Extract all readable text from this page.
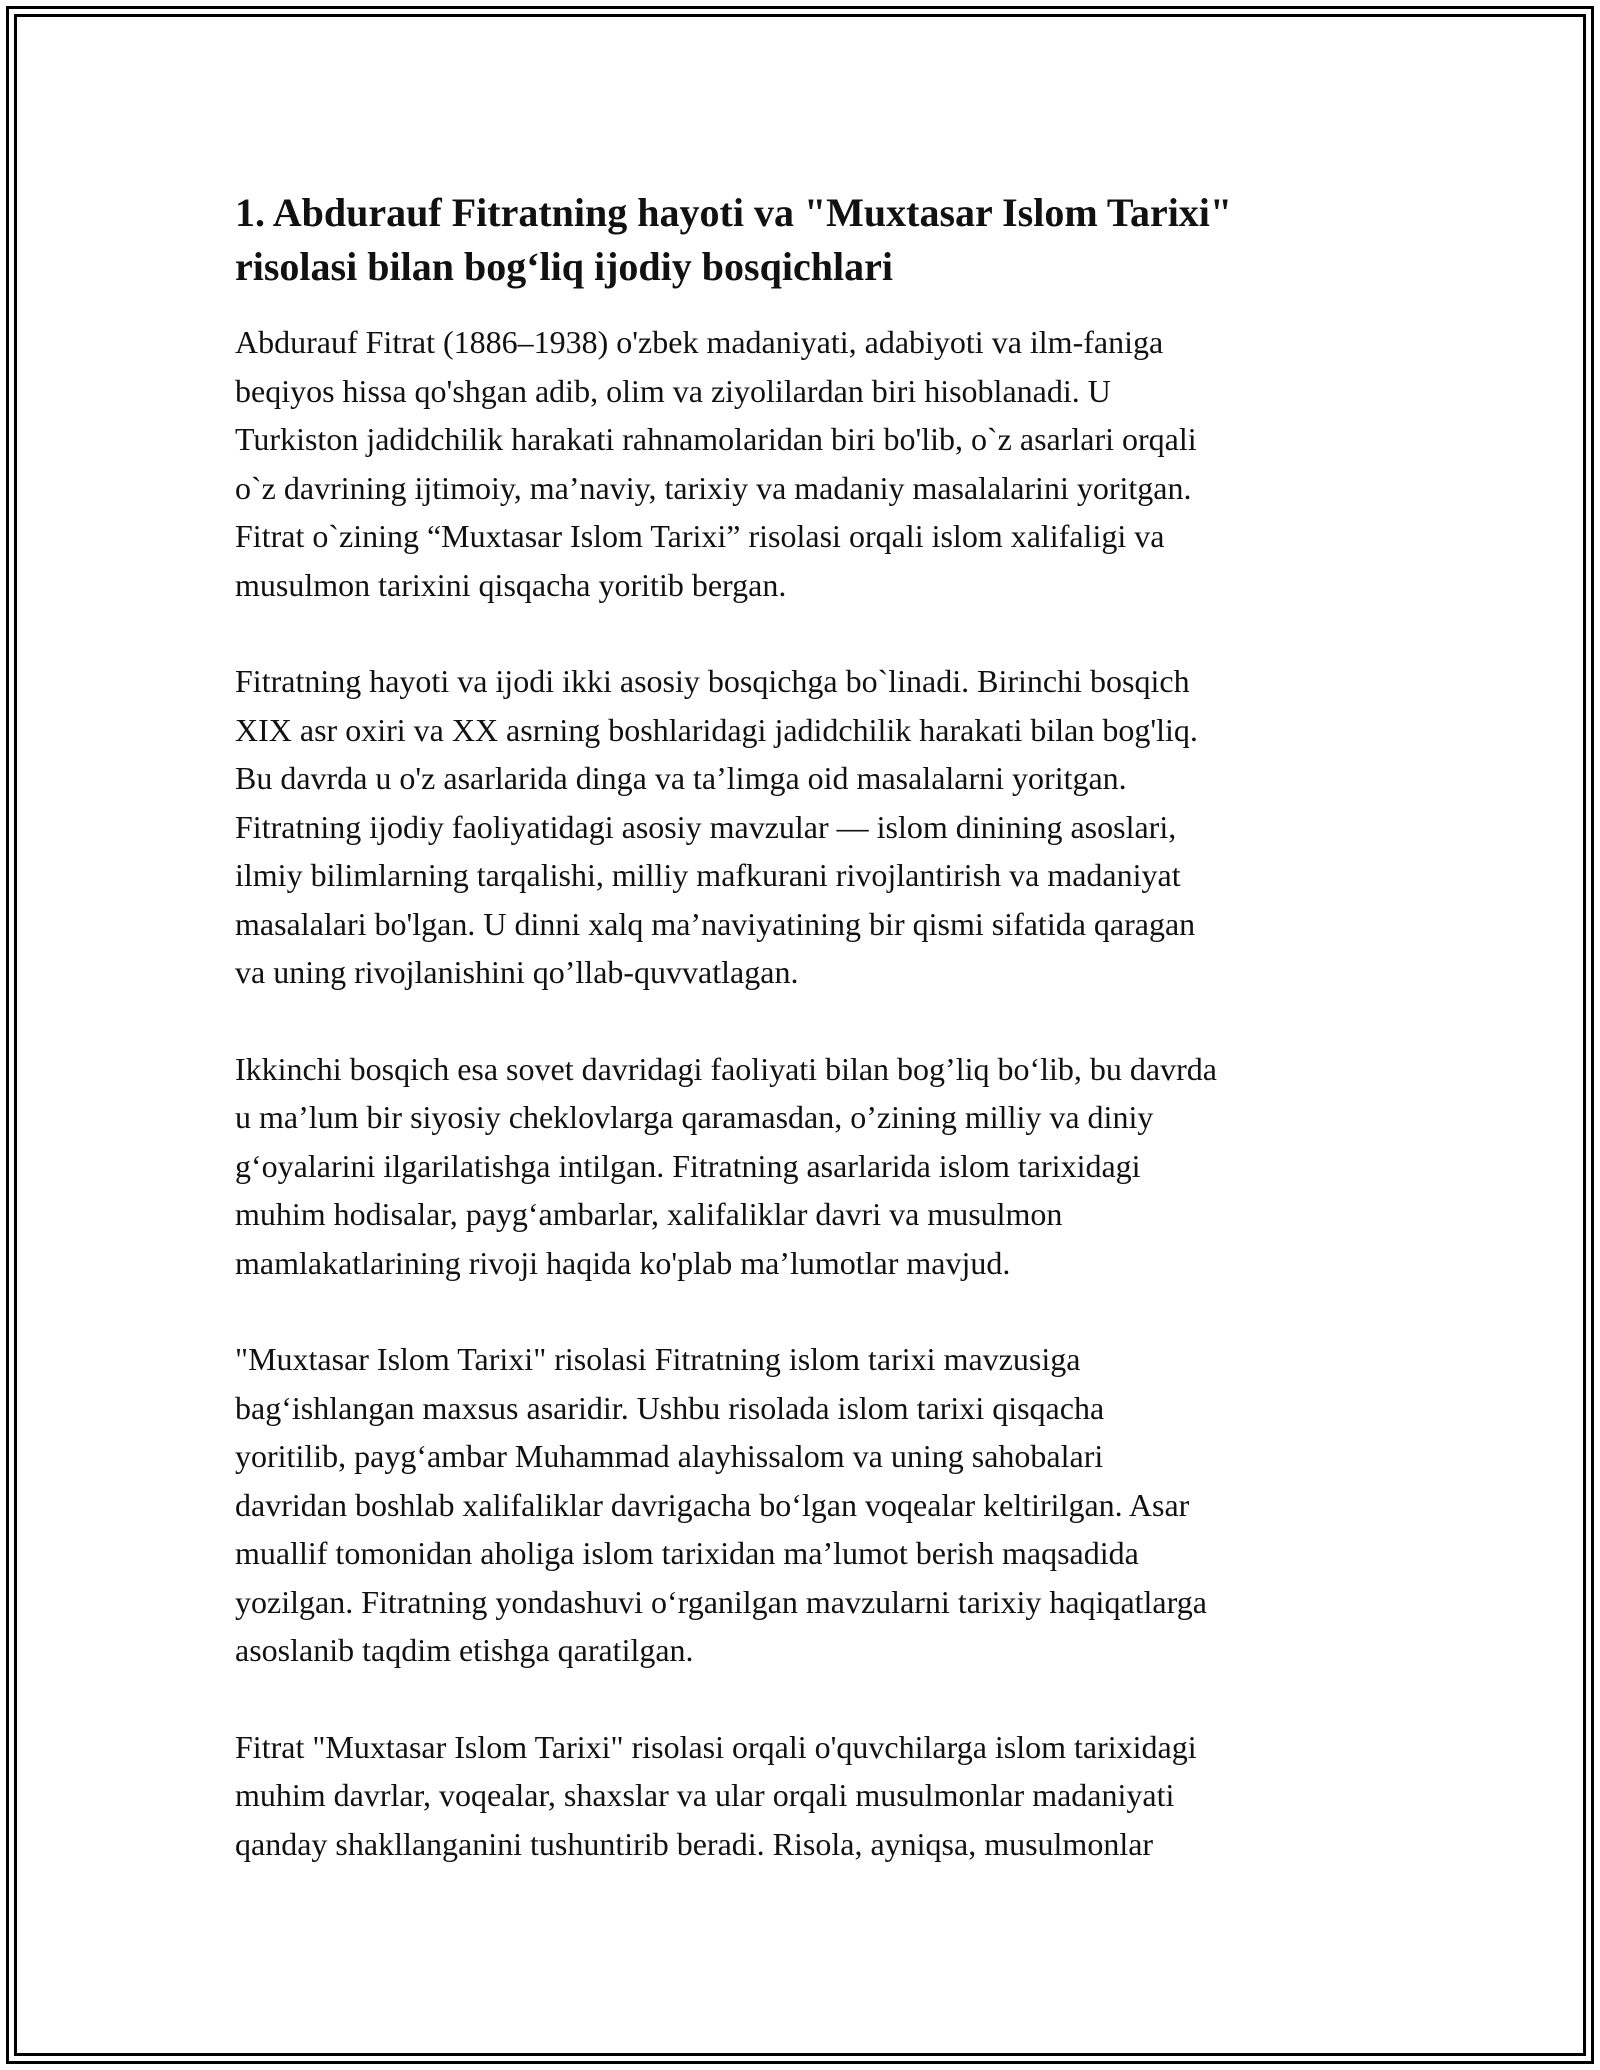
1. Abdurauf Fitratning hayoti va "Muxtasar Islom Tarixi"
risolasi bilan bog‘liq ijodiy bosqichlari

Abdurauf Fitrat (1886–1938) o'zbek madaniyati, adabiyoti va ilm-faniga
beqiyos hissa qo'shgan adib, olim va ziyolilardan biri hisoblanadi. U
Turkiston jadidchilik harakati rahnamolaridan biri bo'lib, o`z asarlari orqali
o`z davrining ijtimoiy, ma’naviy, tarixiy va madaniy masalalarini yoritgan.
Fitrat o`zining “Muxtasar Islom Tarixi” risolasi orqali islom xalifaligi va
musulmon tarixini qisqacha yoritib bergan.

Fitratning hayoti va ijodi ikki asosiy bosqichga bo`linadi. Birinchi bosqich
XIX asr oxiri va XX asrning boshlaridagi jadidchilik harakati bilan bog'liq.
Bu davrda u o'z asarlarida dinga va ta’limga oid masalalarni yoritgan.
Fitratning ijodiy faoliyatidagi asosiy mavzular — islom dinining asoslari,
ilmiy bilimlarning tarqalishi, milliy mafkurani rivojlantirish va madaniyat
masalalari bo'lgan. U dinni xalq ma’naviyatining bir qismi sifatida qaragan
va uning rivojlanishini qo’llab-quvvatlagan.

Ikkinchi bosqich esa sovet davridagi faoliyati bilan bog’liq bo‘lib, bu davrda
u ma’lum bir siyosiy cheklovlarga qaramasdan, o’zining milliy va diniy
g‘oyalarini ilgarilatishga intilgan. Fitratning asarlarida islom tarixidagi
muhim hodisalar, payg‘ambarlar, xalifaliklar davri va musulmon
mamlakatlarining rivoji haqida ko'plab ma’lumotlar mavjud.

"Muxtasar Islom Tarixi" risolasi Fitratning islom tarixi mavzusiga
bag‘ishlangan maxsus asaridir. Ushbu risolada islom tarixi qisqacha
yoritilib, payg‘ambar Muhammad alayhissalom va uning sahobalari
davridan boshlab xalifaliklar davrigacha bo‘lgan voqealar keltirilgan. Asar
muallif tomonidan aholiga islom tarixidan ma’lumot berish maqsadida
yozilgan. Fitratning yondashuvi o‘rganilgan mavzularni tarixiy haqiqatlarga
asoslanib taqdim etishga qaratilgan.

Fitrat "Muxtasar Islom Tarixi" risolasi orqali o'quvchilarga islom tarixidagi
muhim davrlar, voqealar, shaxslar va ular orqali musulmonlar madaniyati
qanday shakllanganini tushuntirib beradi. Risola, ayniqsa, musulmonlar
